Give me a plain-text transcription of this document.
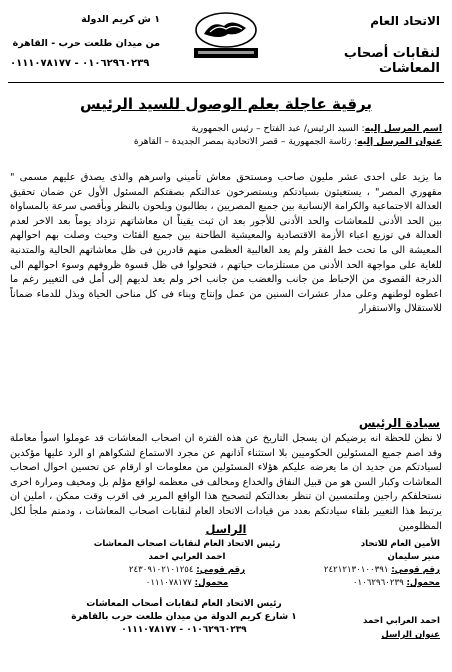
الاتحاد العام
لنقابات أصحاب المعاشات
١ ش كريم الدولة
من ميدان طلعت حرب - القاهرة
٠١٠٦٢٩٦٠٢٣٩ - ٠١١١٠٧٨١٧٧
برقية عاجلة بعلم الوصول للسيد الرئيس
اسم المرسل إليه: السيد الرئيس/ عبد الفتاح – رئيس الجمهورية
عنوان المرسل إليه: رئاسة الجمهورية – قصر الاتحادية بمصر الجديدة – القاهرة
ما يزيد على احدى عشر مليون صاحب ومستحق معاش تأميني واسرهم والذى يصدق عليهم مسمى " مقهوري المصر" ، يستغيثون بسيادتكم ويستصرخون عدالتكم بصفتكم المسئول الأول عن ضمان تحقيق العدالة الاجتماعية والكرامة الإنسانية بين جميع المصريين ، يطالبون ويلحون بالنظر وبأقصى سرعة بالمساواة بين الحد الأدنى للمعاشات والحد الأدنى للأجور بعد ان ثبت يقيناً ان معاشاتهم تزداد يوماً بعد الاخر لعدم العدالة في توزيع اعباء الأزمة الاقتصادية والمعيشية الطاحنة بين جميع الفئات وحيث وصلت بهم احوالهم المعيشة الى ما تحت خط الفقر ولم يعد الغالبية العظمى منهم قادرين فى ظل معاشاتهم الحالية والمتدنية للغاية على مواجهة الحد الأدنى من مستلزمات حياتهم ، فتحولوا فى ظل قسوة ظروفهم وسوء احوالهم الى الدرجة القصوى من الإحباط من جانب والغضب من جانب اخر ولم يعد لديهم إلى أمل فى التغيير رغم ما اعطوه لوطنهم وعلى مدار عشرات السنين من عمل وإنتاج وبناء فى كل مناحى الحياة وبذل للدماء ضماناً للاستقلال والاستقرار
سيادة الرئيس
لا نظن للحظة انه يرضيكم ان يسجل التاريخ عن هذه الفترة ان اصحاب المعاشات قد عوملوا اسوأ معاملة وقد اصم جميع المسئولين الحكوميين بلا استثناء آذانهم عن مجرد الاستماع لشكواهم او الرد عليها مؤكدين لسيادتكم من جديد ان ما يعرضه عليكم هؤلاء المسئولين من معلومات او ارقام عن تحسين احوال اصحاب المعاشات وكبار السن هو من قبيل النفاق والخداع ومخالف فى معظمه لواقع مؤلم بل ومخيف ومرارة اخرى نستحلفكم راجين وملتمسين ان تنظر بعدالتكم لتصحيح هذا الواقع المرير فى اقرب وقت ممكن ، املين ان يرتبط هذا التغيير بلقاء سيادتكم بعدد من قيادات الاتحاد العام لنقابات اصحاب المعاشات ، ودمتم ملجأ لكل المظلومين
الراسل
الأمين العام للاتحاد
منير سليمان
رقم قومي: ٢٤٢١٢١٣٠١٠٠٣٩١
محمول: ٠١٠٦٢٩٦٠٢٣٩
رئيس الاتحاد العام لنقابات اصحاب المعاشات
احمد العرابي احمد
رقم قومي: ٢٤٣٠٩١٠٢١٠١٢٥٤
محمول: ٠١١١٠٧٨١٧٧
احمد العرابي احمد
عنوان الراسل
رئيس الاتحاد العام لنقابات أصحاب المعاشات
١ شارع كريم الدولة من ميدان طلعت حرب بالقاهرة
٠١٠٦٢٩٦٠٢٣٩ - ٠١١١٠٧٨١٧٧
